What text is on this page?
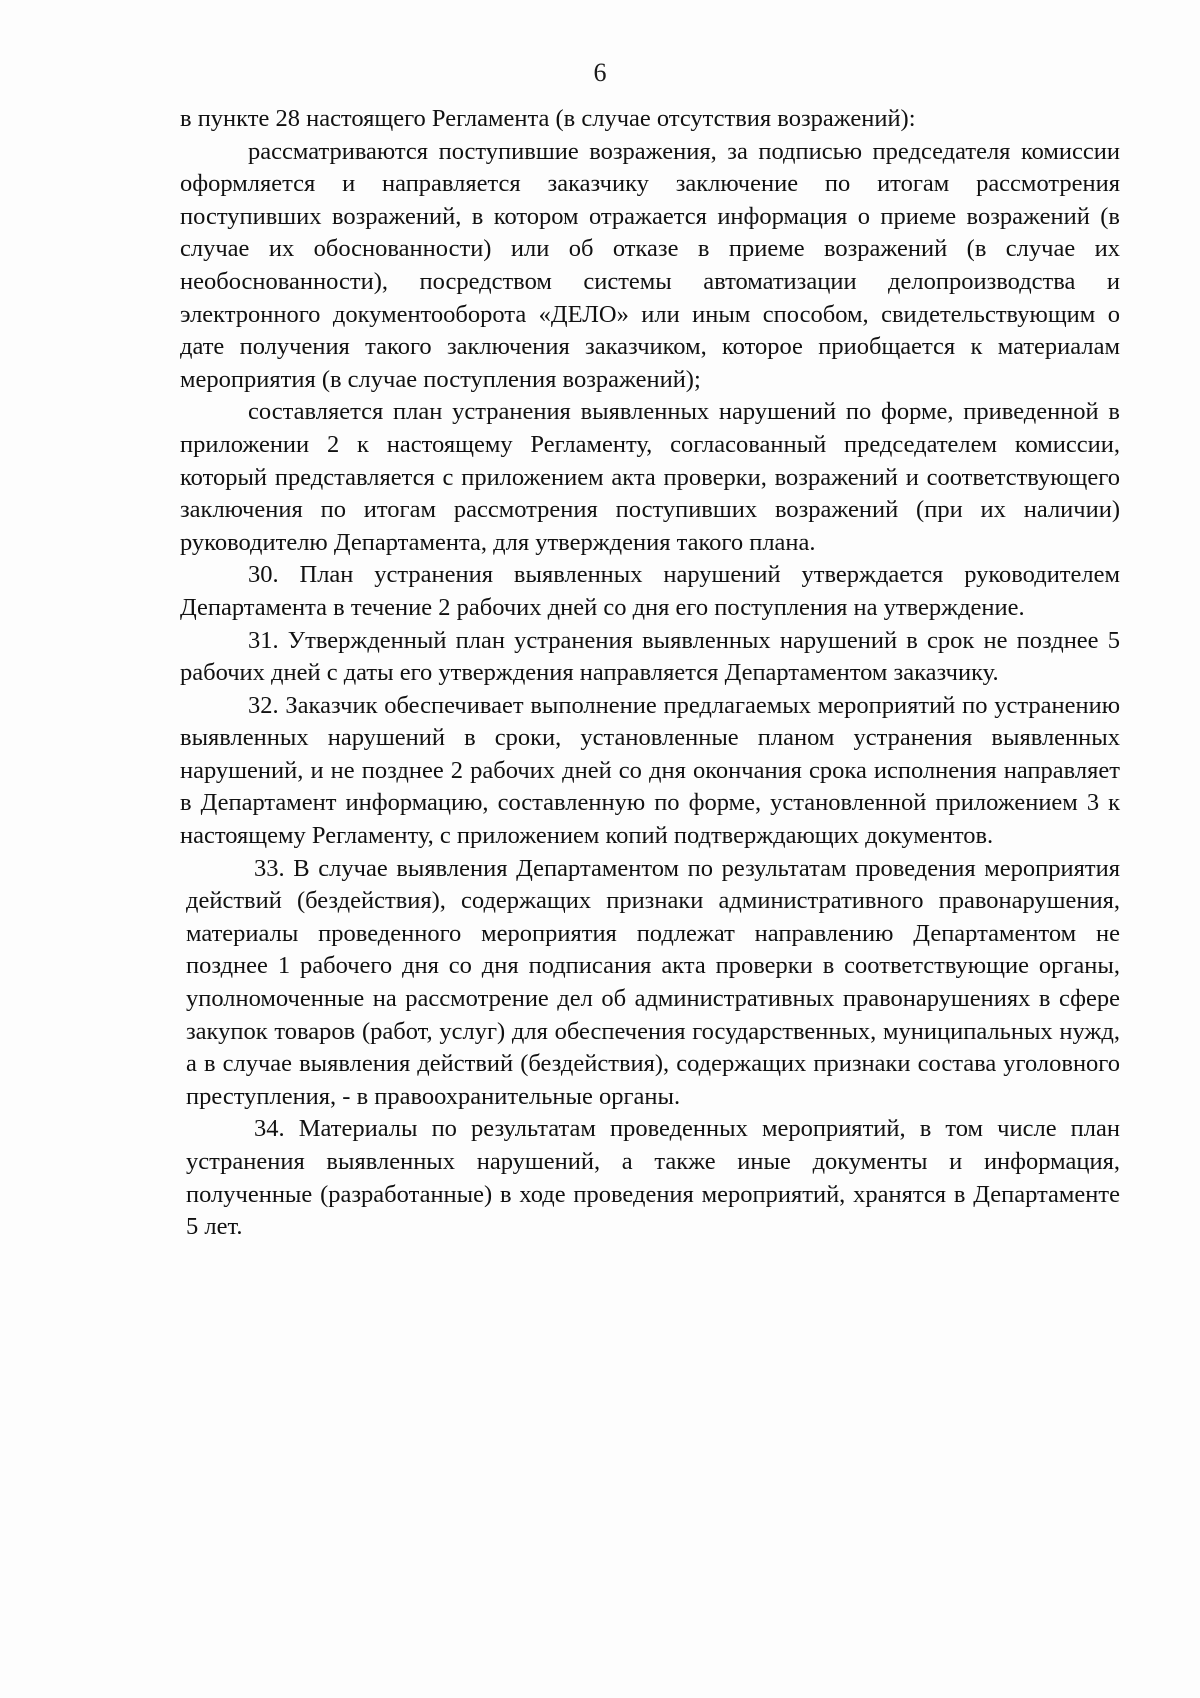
6

в пункте 28 настоящего Регламента (в случае отсутствия возражений):

рассматриваются поступившие возражения, за подписью председателя комиссии оформляется и направляется заказчику заключение по итогам рассмотрения поступивших возражений, в котором отражается информация о приеме возражений (в случае их обоснованности) или об отказе в приеме возражений (в случае их необоснованности), посредством системы автоматизации делопроизводства и электронного документооборота «ДЕЛО» или иным способом, свидетельствующим о дате получения такого заключения заказчиком, которое приобщается к материалам мероприятия (в случае поступления возражений);

составляется план устранения выявленных нарушений по форме, приведенной в приложении 2 к настоящему Регламенту, согласованный председателем комиссии, который представляется с приложением акта проверки, возражений и соответствующего заключения по итогам рассмотрения поступивших возражений (при их наличии) руководителю Департамента, для утверждения такого плана.

30. План устранения выявленных нарушений утверждается руководителем Департамента в течение 2 рабочих дней со дня его поступления на утверждение.

31. Утвержденный план устранения выявленных нарушений в срок не позднее 5 рабочих дней с даты его утверждения направляется Департаментом заказчику.

32. Заказчик обеспечивает выполнение предлагаемых мероприятий по устранению выявленных нарушений в сроки, установленные планом устранения выявленных нарушений, и не позднее 2 рабочих дней со дня окончания срока исполнения направляет в Департамент информацию, составленную по форме, установленной приложением 3 к настоящему Регламенту, с приложением копий подтверждающих документов.

33. В случае выявления Департаментом по результатам проведения мероприятия действий (бездействия), содержащих признаки административного правонарушения, материалы проведенного мероприятия подлежат направлению Департаментом не позднее 1 рабочего дня со дня подписания акта проверки в соответствующие органы, уполномоченные на рассмотрение дел об административных правонарушениях в сфере закупок товаров (работ, услуг) для обеспечения государственных, муниципальных нужд, а в случае выявления действий (бездействия), содержащих признаки состава уголовного преступления, - в правоохранительные органы.

34. Материалы по результатам проведенных мероприятий, в том числе план устранения выявленных нарушений, а также иные документы и информация, полученные (разработанные) в ходе проведения мероприятий, хранятся в Департаменте 5 лет.
